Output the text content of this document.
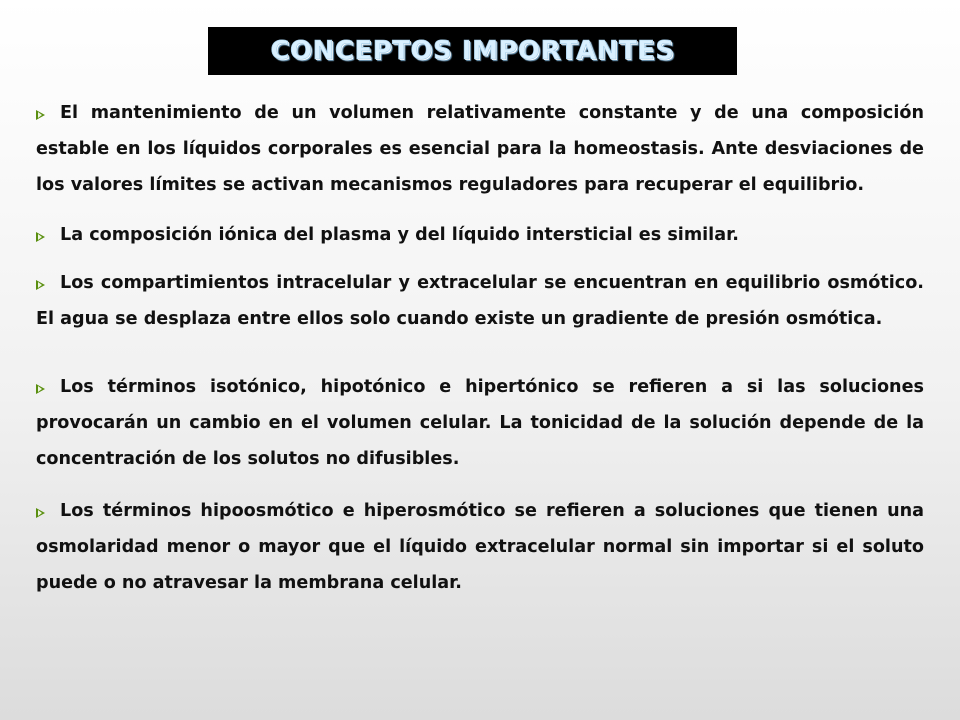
CONCEPTOS IMPORTANTES
El mantenimiento de un volumen relativamente constante y de una composición estable en los líquidos corporales es esencial para la homeostasis. Ante desviaciones de los valores límites se activan mecanismos reguladores para recuperar el equilibrio.
La composición iónica del plasma y del líquido intersticial es similar.
Los compartimientos intracelular y extracelular se encuentran en equilibrio osmótico. El agua se desplaza entre ellos solo cuando existe un gradiente de presión osmótica.
Los términos isotónico, hipotónico e hipertónico se refieren a si las soluciones provocarán un cambio en el volumen celular. La tonicidad de la solución depende de la concentración de los solutos no difusibles.
Los términos hipoosmótico e hiperosmótico se refieren a soluciones que tienen una osmolaridad menor o mayor que el líquido extracelular normal sin importar si el soluto puede o no atravesar la membrana celular.
